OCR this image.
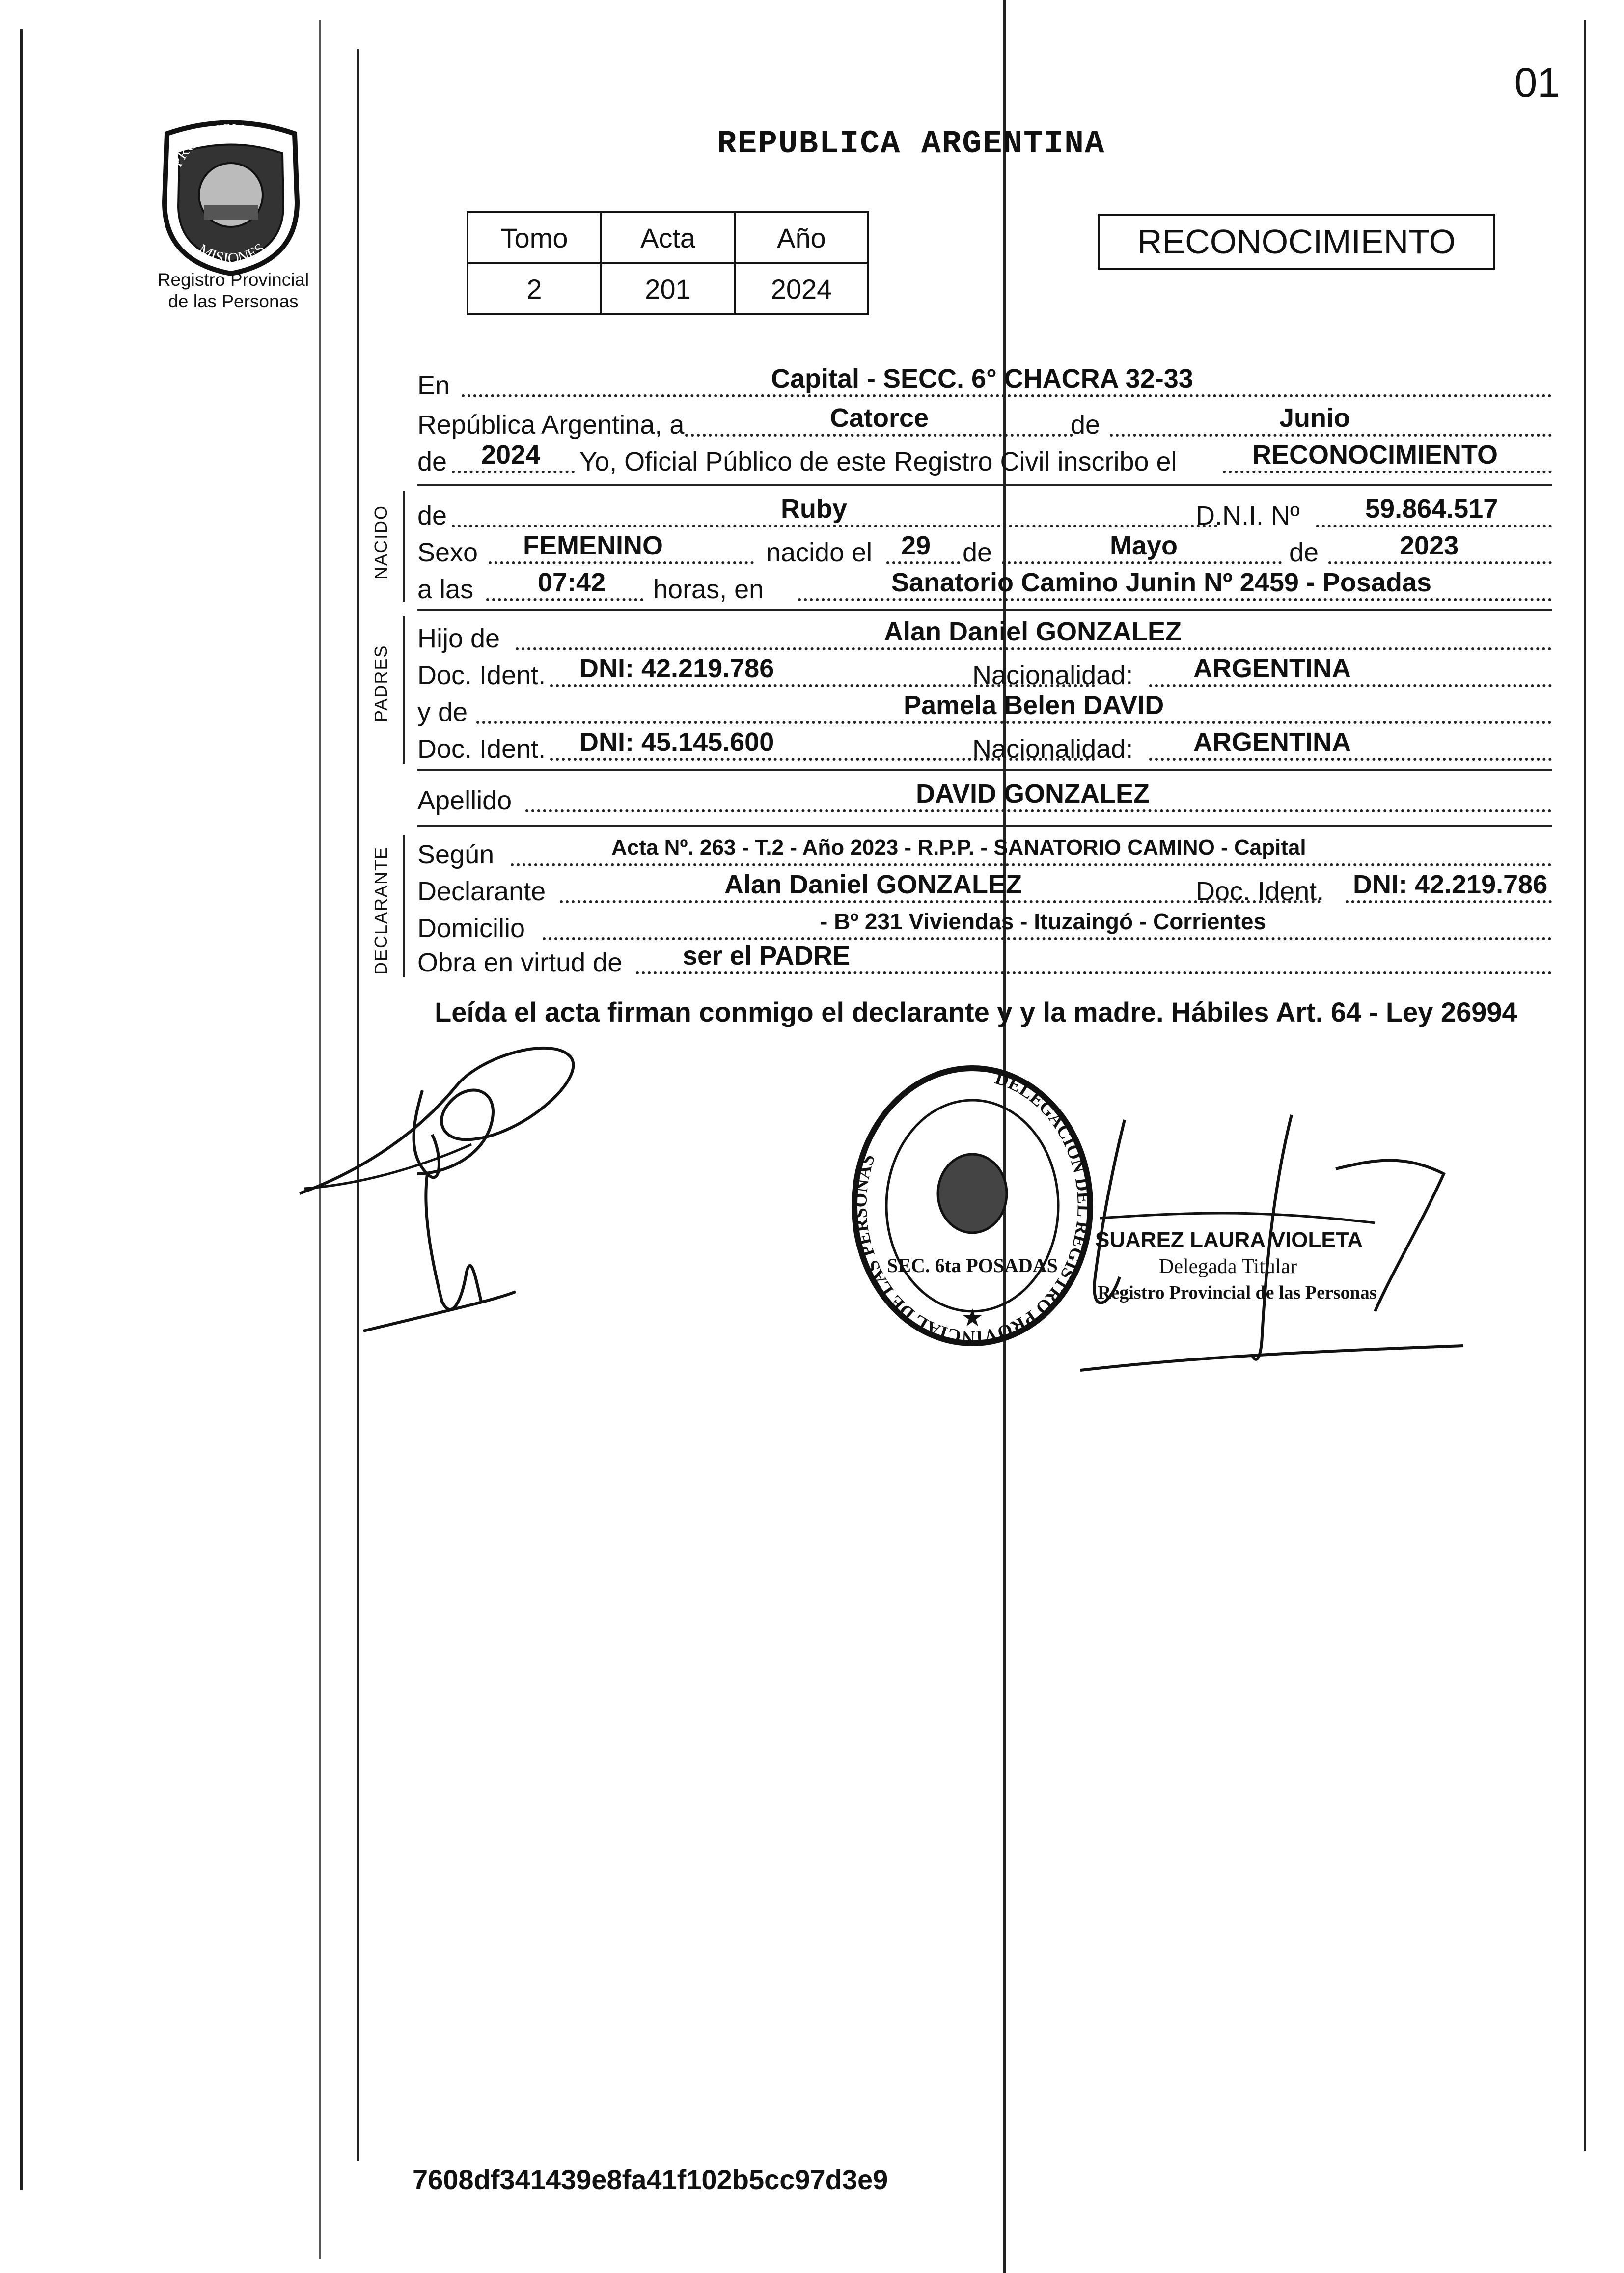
PROVINCIA DE
MISIONES
Registro Provincial
de las Personas
01
REPUBLICA ARGENTINA
Tomo	Acta	Año
2	201	2024
RECONOCIMIENTO
En	Capital - SECC. 6° CHACRA 32-33
República Argentina, a	Catorce	de	Junio
de 2024 Yo, Oficial Público de este Registro Civil inscribo el	RECONOCIMIENTO
NACIDO de	Ruby	D.N.I. Nº 59.864.517
Sexo FEMENINO	nacido el 29 de	Mayo	de	2023
a las 07:42 horas, en	Sanatorio Camino Junin Nº 2459 - Posadas
PADRES
Hijo de	Alan Daniel GONZALEZ
Doc. Ident. DNI: 42.219.786	Nacionalidad: ARGENTINA
y de	Pamela Belen DAVID
Doc. Ident. DNI: 45.145.600	Nacionalidad: ARGENTINA
Apellido	DAVID GONZALEZ
DECLARANTE Según	Acta Nº. 263 - T.2 - Año 2023 - R.P.P. - SANATORIO CAMINO - Capital
Declarante	Alan Daniel GONZALEZ	Doc. Ident. DNI: 42.219.786
Domicilio	- Bº 231 Viviendas - Ituzaingó - Corrientes
Obra en virtud de ser el PADRE
Leída el acta firman conmigo el declarante y y la madre. Hábiles Art. 64 - Ley 26994
DELEGACION DEL REGISTRO PROVINCIAL DE LAS PERSONAS
SEC. 6ta POSADAS
★
SUAREZ LAURA VIOLETA
Delegada Titular
Registro Provincial de las Personas
7608df341439e8fa41f102b5cc97d3e9
